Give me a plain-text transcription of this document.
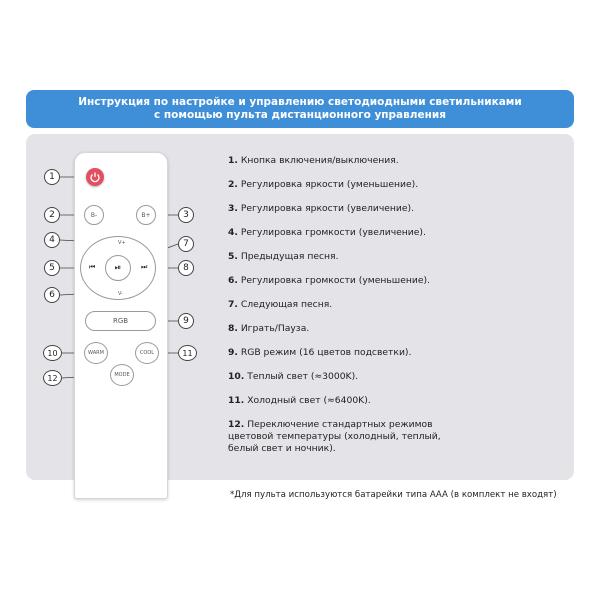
Инструкция по настройке и управлению светодиодными светильниками
с помощью пульта дистанционного управления
B-	B+
V+
V-
⏮	⏭
⏯
RGB
WARM	COOL
MODE
1
2	3
4
5
6
7
8
9
10	11
12

1. Кнопка включения/выключения.

2. Регулировка яркости (уменьшение).

3. Регулировка яркости (увеличение).

4. Регулировка громкости (увеличение).

5. Предыдущая песня.

6. Регулировка громкости (уменьшение).

7. Следующая песня.

8. Играть/Пауза.

9. RGB режим (16 цветов подсветки).

10. Теплый свет (≈3000K).

11. Холодный свет (≈6400K).

12. Переключение стандартных режимов цветовой температуры (холодный, теплый, белый свет и ночник).

*Для пульта используются батарейки типа AAA (в комплект не входят)
